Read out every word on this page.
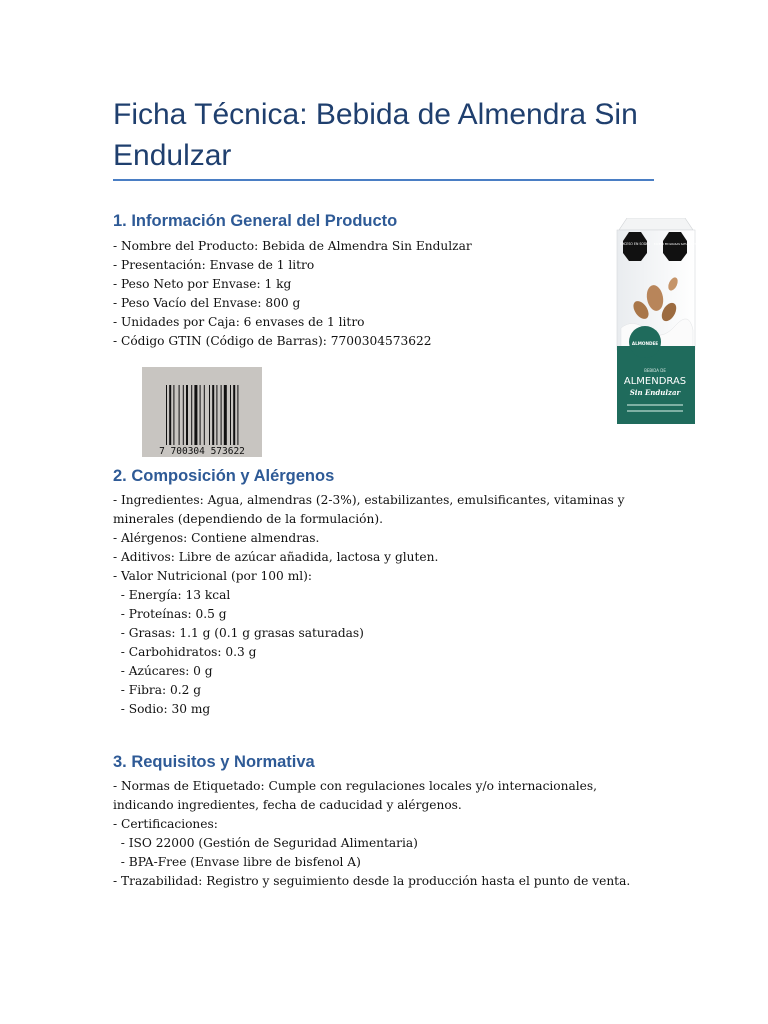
Ficha Técnica: Bebida de Almendra Sin Endulzar
1. Información General del Producto
- Nombre del Producto: Bebida de Almendra Sin Endulzar
- Presentación: Envase de 1 litro
- Peso Neto por Envase: 1 kg
- Peso Vacío del Envase: 800 g
- Unidades por Caja: 6 envases de 1 litro
- Código GTIN (Código de Barras): 7700304573622
7 700304 573622
EXCESO EN SODIO EXCESO EN GRASAS SATURADAS
ALMONDEE
BEBIDA DE
ALMENDRAS
Sin Endulzar
2. Composición y Alérgenos
- Ingredientes: Agua, almendras (2-3%), estabilizantes, emulsificantes, vitaminas y minerales (dependiendo de la formulación).
- Alérgenos: Contiene almendras.
- Aditivos: Libre de azúcar añadida, lactosa y gluten.
- Valor Nutricional (por 100 ml):
- Energía: 13 kcal
- Proteínas: 0.5 g
- Grasas: 1.1 g (0.1 g grasas saturadas)
- Carbohidratos: 0.3 g
- Azúcares: 0 g
- Fibra: 0.2 g
- Sodio: 30 mg
3. Requisitos y Normativa
- Normas de Etiquetado: Cumple con regulaciones locales y/o internacionales, indicando ingredientes, fecha de caducidad y alérgenos.
- Certificaciones:
- ISO 22000 (Gestión de Seguridad Alimentaria)
- BPA-Free (Envase libre de bisfenol A)
- Trazabilidad: Registro y seguimiento desde la producción hasta el punto de venta.
